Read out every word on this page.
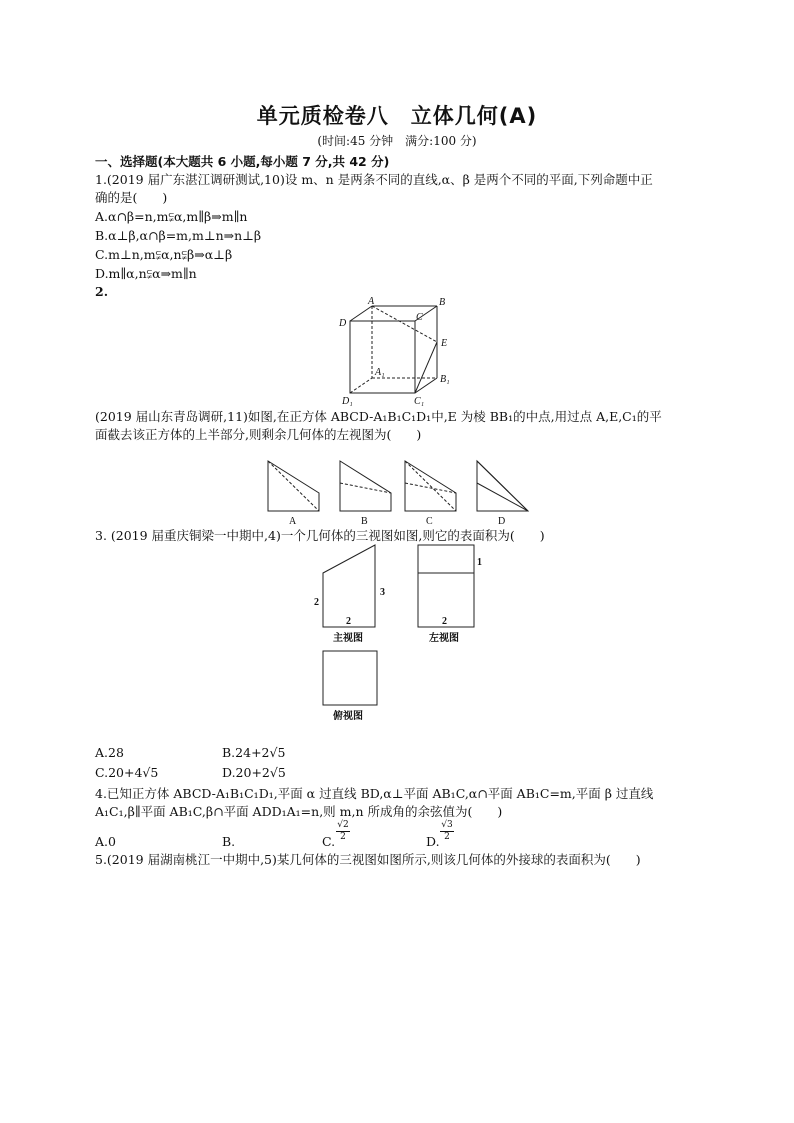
单元质检卷八　立体几何(A)
(时间:45 分钟　满分:100 分)
一、选择题(本大题共 6 小题,每小题 7 分,共 42 分)
1.(2019 届广东湛江调研测试,10)设 m、n 是两条不同的直线,α、β 是两个不同的平面,下列命题中正
确的是(　　)
A.α∩β=n,m⫋α,m∥β⇒m∥n
B.α⊥β,α∩β=m,m⊥n⇒n⊥β
C.m⊥n,m⫋α,n⫋β⇒α⊥β
D.m∥α,n⫋α⇒m∥n
2.
A	B
C
D
E
A₁
B₁
C₁
D₁
(2019 届山东青岛调研,11)如图,在正方体 ABCD-A₁B₁C₁D₁中,E 为棱 BB₁的中点,用过点 A,E,C₁的平
面截去该正方体的上半部分,则剩余几何体的左视图为(　　)
A	B	C	D
3. (2019 届重庆铜梁一中期中,4)一个几何体的三视图如图,则它的表面积为(　　)
2
3
2
1
2
主视图	左视图
俯视图
A.28	B.24+2√5
C.20+4√5	D.20+2√5
4.已知正方体 ABCD-A₁B₁C₁D₁,平面 α 过直线 BD,α⊥平面 AB₁C,α∩平面 AB₁C=m,平面 β 过直线
A₁C₁,β∥平面 AB₁C,β∩平面 ADD₁A₁=n,则 m,n 所成角的余弦值为(　　)
A.0	B.	C. $\frac{√2}{2}$	D. $\frac{√3}{2}$
5.(2019 届湖南桃江一中期中,5)某几何体的三视图如图所示,则该几何体的外接球的表面积为(　　)
